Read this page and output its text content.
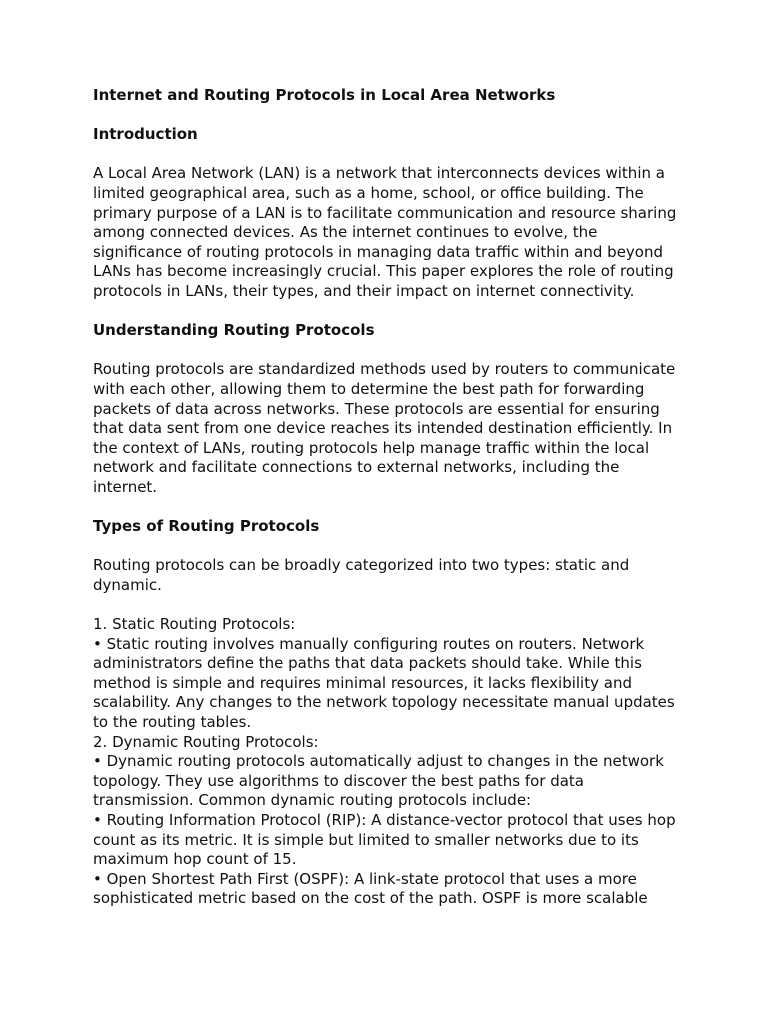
Internet and Routing Protocols in Local Area Networks

Introduction

A Local Area Network (LAN) is a network that interconnects devices within a limited geographical area, such as a home, school, or office building. The primary purpose of a LAN is to facilitate communication and resource sharing among connected devices. As the internet continues to evolve, the significance of routing protocols in managing data traffic within and beyond LANs has become increasingly crucial. This paper explores the role of routing protocols in LANs, their types, and their impact on internet connectivity.

Understanding Routing Protocols

Routing protocols are standardized methods used by routers to communicate with each other, allowing them to determine the best path for forwarding packets of data across networks. These protocols are essential for ensuring that data sent from one device reaches its intended destination efficiently. In the context of LANs, routing protocols help manage traffic within the local network and facilitate connections to external networks, including the internet.

Types of Routing Protocols

Routing protocols can be broadly categorized into two types: static and dynamic.

1. Static Routing Protocols:

• Static routing involves manually configuring routes on routers. Network administrators define the paths that data packets should take. While this method is simple and requires minimal resources, it lacks flexibility and scalability. Any changes to the network topology necessitate manual updates to the routing tables.

2. Dynamic Routing Protocols:

• Dynamic routing protocols automatically adjust to changes in the network topology. They use algorithms to discover the best paths for data transmission. Common dynamic routing protocols include:

• Routing Information Protocol (RIP): A distance-vector protocol that uses hop count as its metric. It is simple but limited to smaller networks due to its maximum hop count of 15.

• Open Shortest Path First (OSPF): A link-state protocol that uses a more sophisticated metric based on the cost of the path. OSPF is more scalable
